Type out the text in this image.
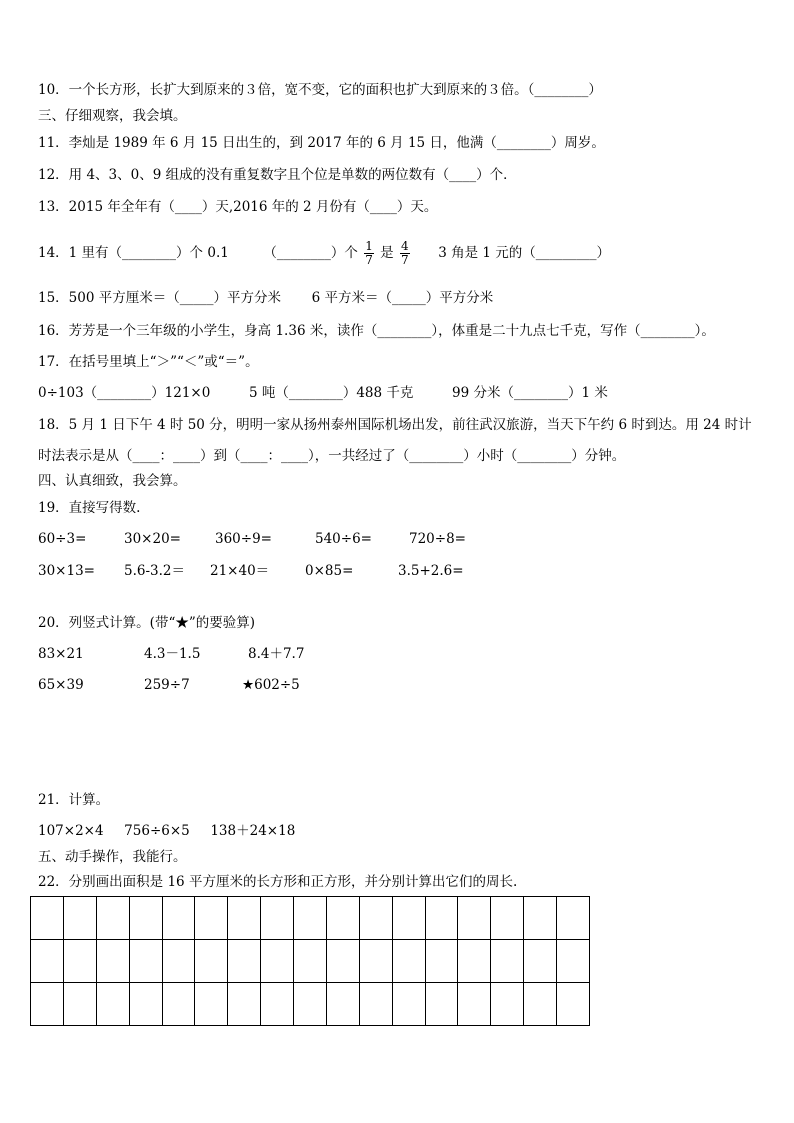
10．一个长方形，长扩大到原来的３倍，宽不变，它的面积也扩大到原来的３倍。（________）
三、仔细观察，我会填。
11．李灿是 1989 年 6 月 15 日出生的，到 2017 年的 6 月 15 日，他满（________）周岁。
12．用 4、3、0、9 组成的没有重复数字且个位是单数的两位数有（____）个．
13．2015 年全年有（____）天,2016 年的 2 月份有（____）天。
14．1 里有（________）个 0.1	（________）个 $\frac{1}{7}$ 是 $\frac{4}{7} 3$ 角是 1 元的（_________）
15．500 平方厘米＝（_____）平方分米 6 平方米＝（_____）平方分米
16．芳芳是一个三年级的小学生，身高 1.36 米，读作（________），体重是二十九点七千克，写作（________）。
17．在括号里填上“＞”“＜”或“＝”。
0÷103（________）121×0	5 吨（________）488 千克	99 分米（________）1 米
18．5 月 1 日下午 4 时 50 分，明明一家从扬州泰州国际机场出发，前往武汉旅游，当天下午约 6 时到达。用 24 时计
时法表示是从（____：____）到（____：____），一共经过了（________）小时（________）分钟。
四、认真细致，我会算。
19．直接写得数.
60÷3=	30×20=	360÷9=	540÷6=	720÷8=
30×13= 5.6-3.2＝ 21×40＝	0×85=	3.5+2.6=
20．列竖式计算。(带“★”的要验算)
83×21	4.3－1.5	8.4＋7.7
65×39	259÷7	★602÷5
21．计算。
107×2×4 756÷6×5 138＋24×18
五、动手操作，我能行。
22．分别画出面积是 16 平方厘米的长方形和正方形，并分别计算出它们的周长.
